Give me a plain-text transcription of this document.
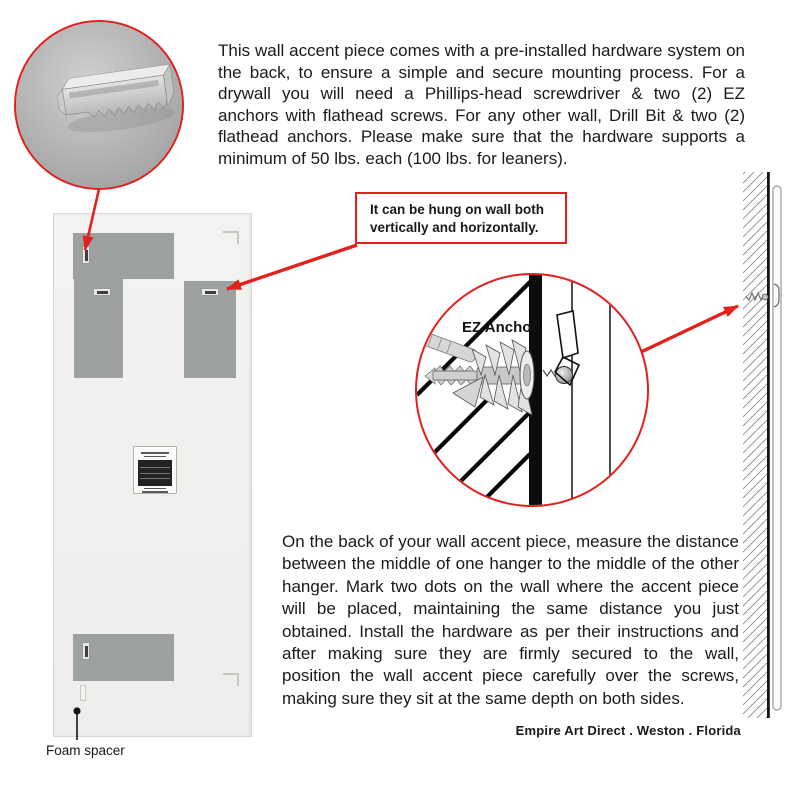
This wall accent piece comes with a pre-installed hardware system on the back, to ensure a simple and secure mounting process. For a drywall you will need a Phillips-head screwdriver & two (2) EZ anchors with flathead screws. For any other wall, Drill Bit & two (2) flathead anchors. Please make sure that the hardware supports a minimum of 50 lbs. each (100 lbs. for leaners).
On the back of your wall accent piece, measure the distance between the middle of one hanger to the middle of the other hanger. Mark two dots on the wall where the accent piece will be placed, maintaining the same distance you just obtained. Install the hardware as per their instructions and after making sure they are firmly secured to the wall, position the wall accent piece carefully over the screws, making sure they sit at the same depth on both sides.
It can be hung on wall both vertically and horizontally.
EZ Anchor
Empire Art Direct . Weston . Florida
Foam spacer
